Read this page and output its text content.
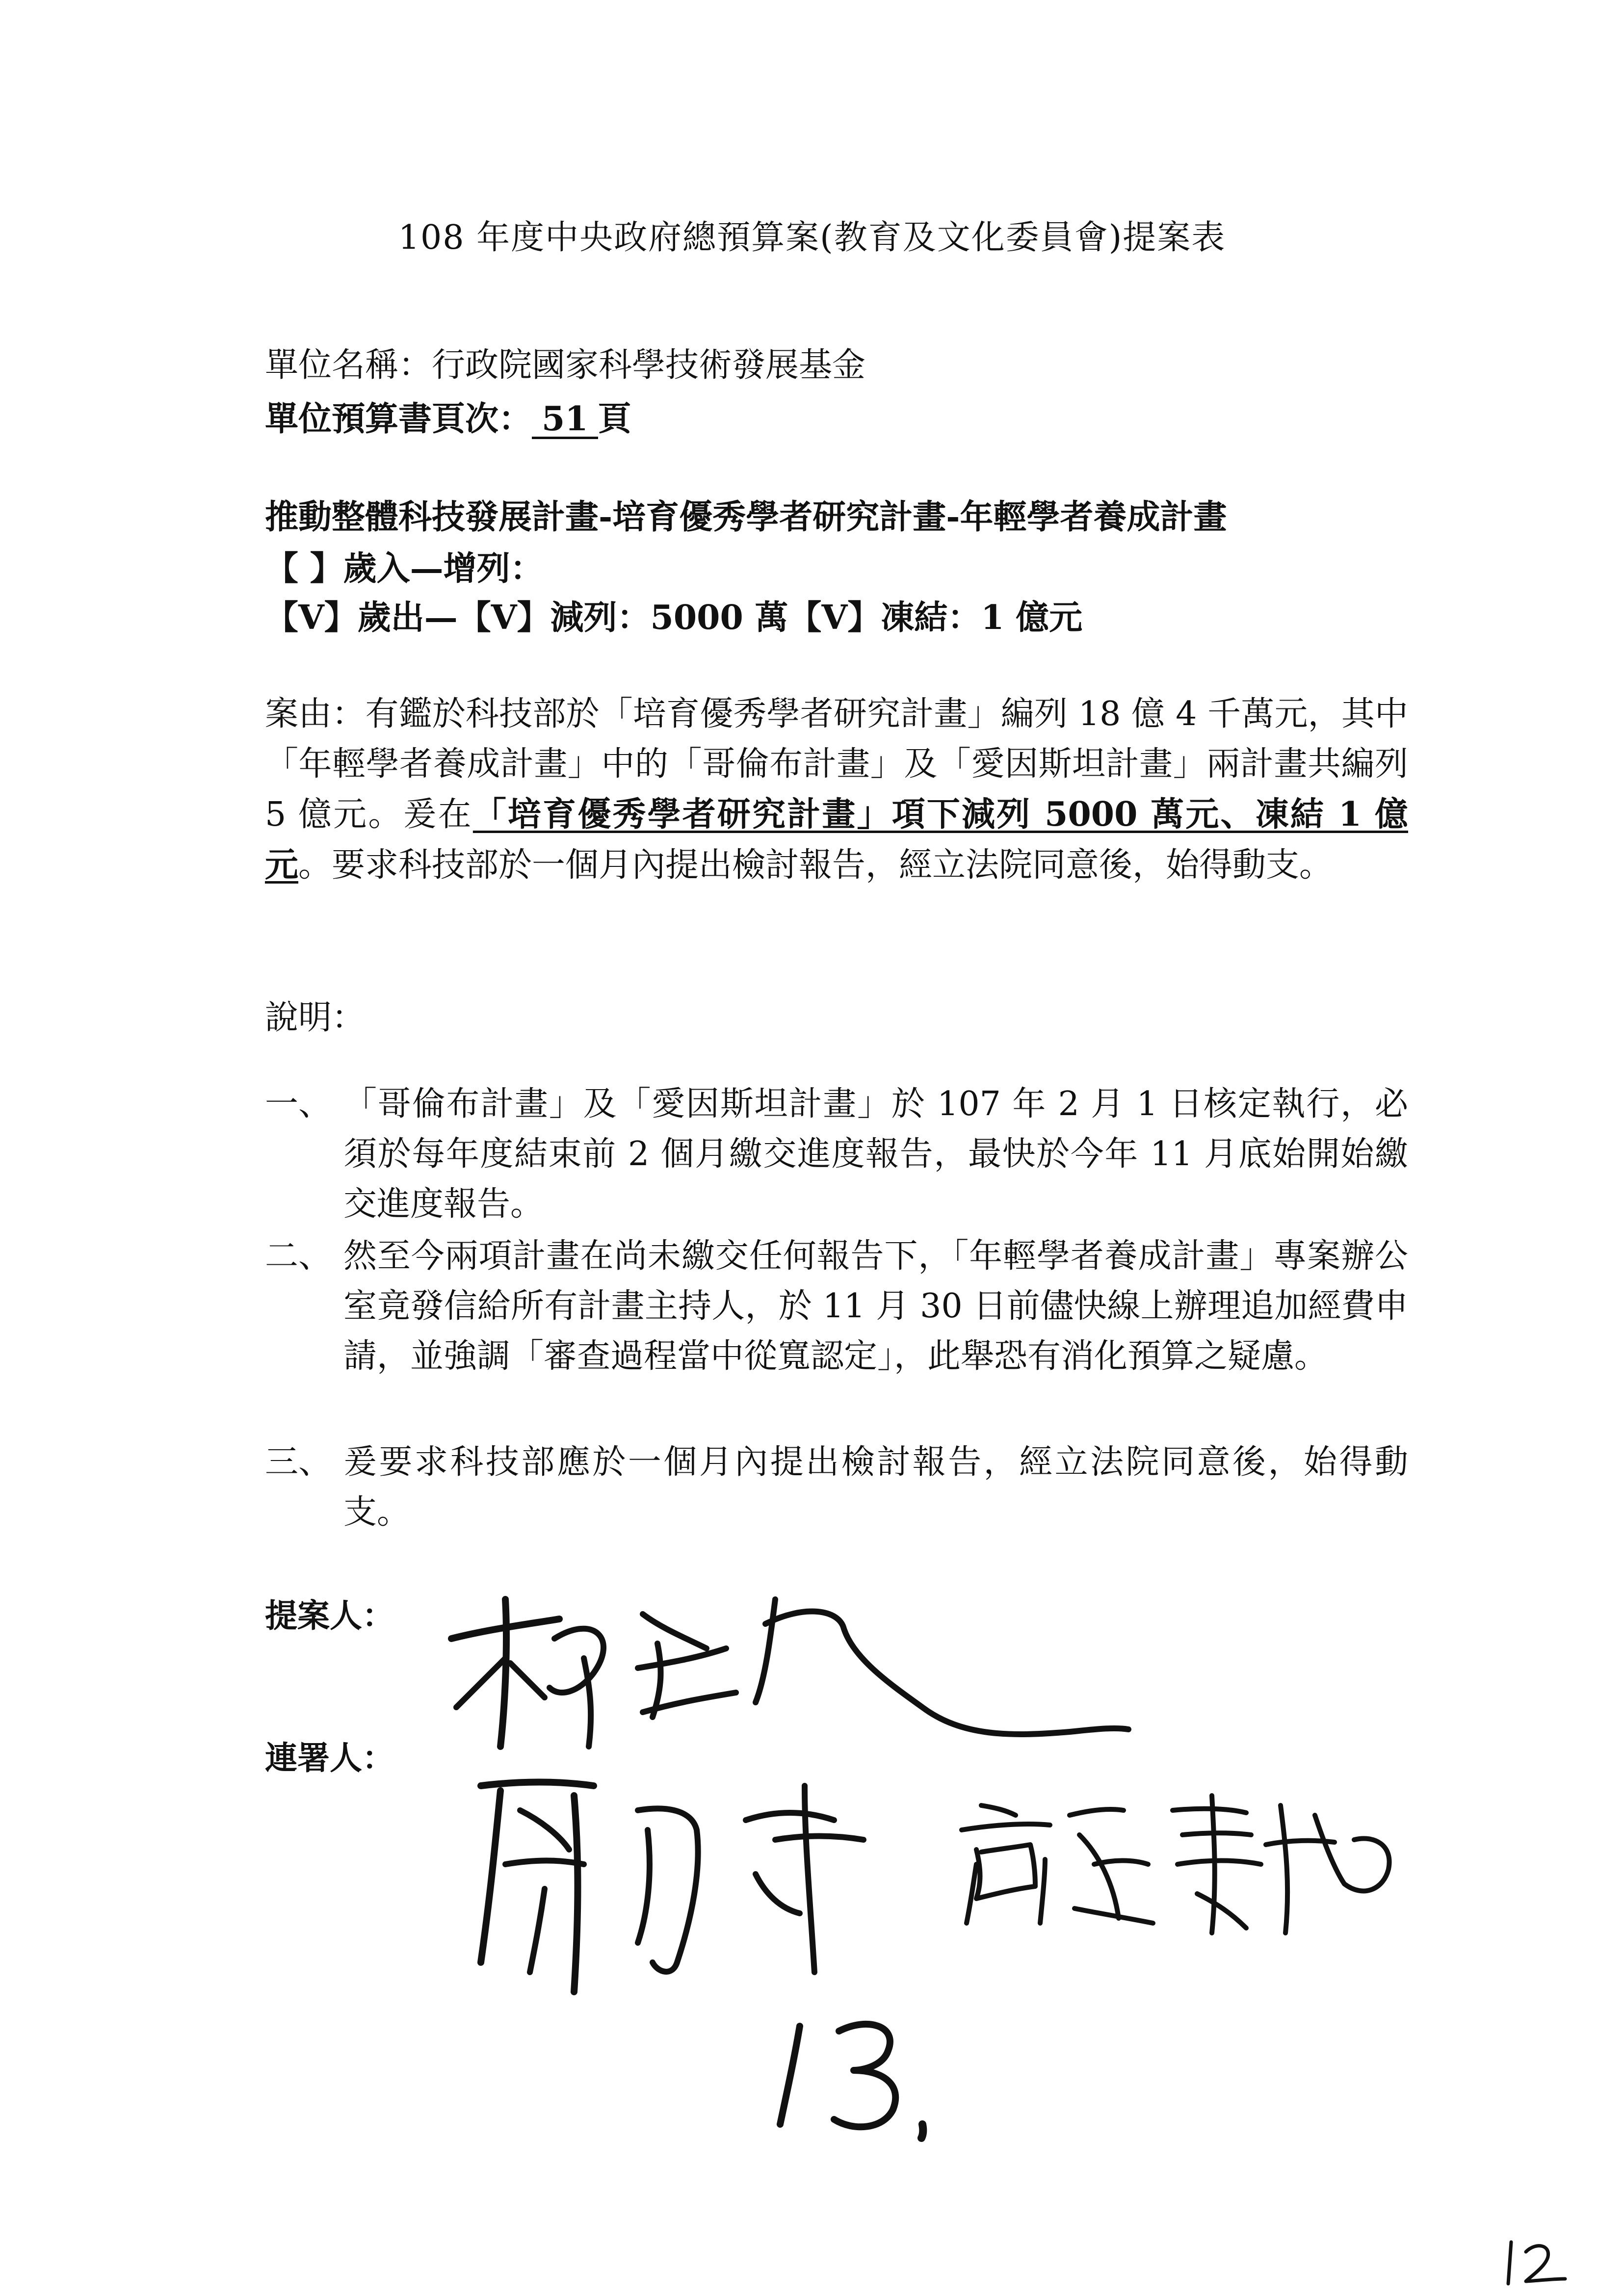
108 年度中央政府總預算案(教育及文化委員會)提案表
單位名稱：行政院國家科學技術發展基金
單位預算書頁次： 51 頁
推動整體科技發展計畫-培育優秀學者研究計畫-年輕學者養成計畫
【 】歲入—增列：
【V】歲出—【V】減列：5000 萬【V】凍結：1 億元
案由：有鑑於科技部於「培育優秀學者研究計畫」編列 18 億 4 千萬元，其中「年輕學者養成計畫」中的「哥倫布計畫」及「愛因斯坦計畫」兩計畫共編列 5 億元。爰在「培育優秀學者研究計畫」項下減列 5000 萬元、凍結 1 億元。要求科技部於一個月內提出檢討報告，經立法院同意後，始得動支。
說明：
一、 「哥倫布計畫」及「愛因斯坦計畫」於 107 年 2 月 1 日核定執行，必須於每年度結束前 2 個月繳交進度報告，最快於今年 11 月底始開始繳交進度報告。
二、 然至今兩項計畫在尚未繳交任何報告下，「年輕學者養成計畫」專案辦公室竟發信給所有計畫主持人，於 11 月 30 日前儘快線上辦理追加經費申請，並強調「審查過程當中從寬認定」，此舉恐有消化預算之疑慮。
三、 爰要求科技部應於一個月內提出檢討報告，經立法院同意後，始得動支。
提案人：
連署人：
